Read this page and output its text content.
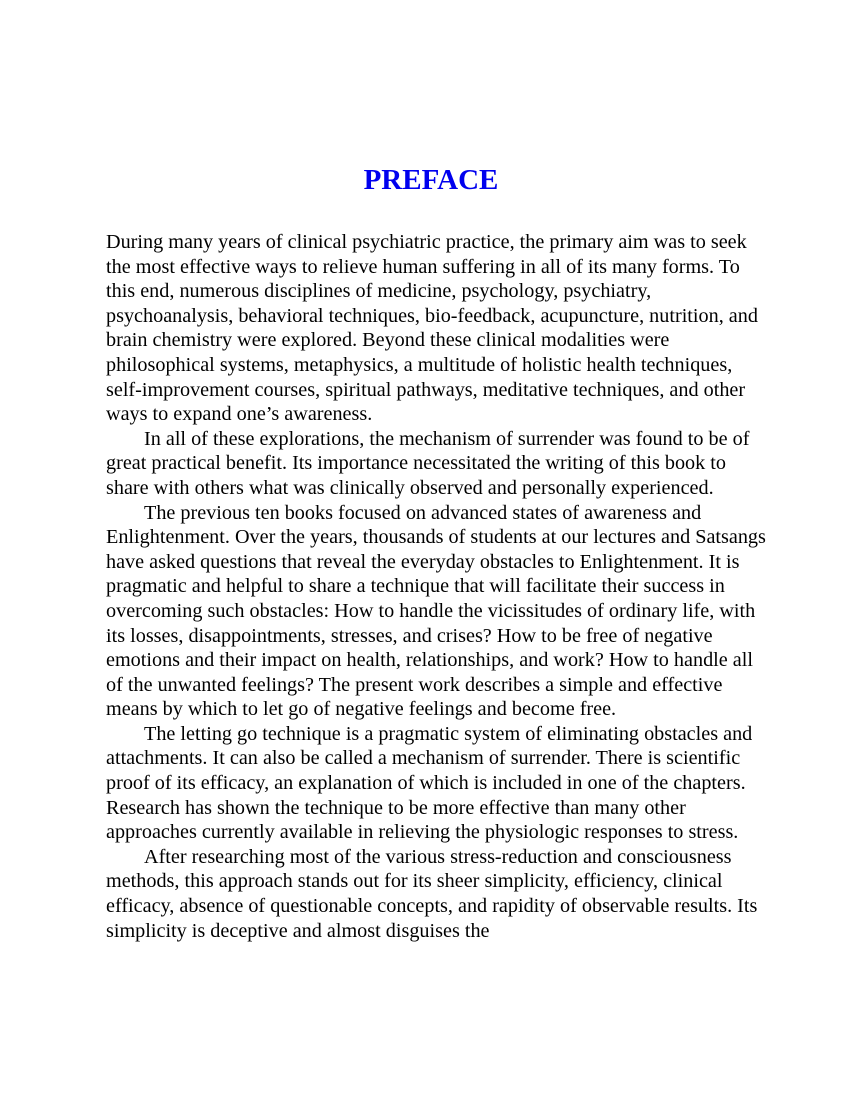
PREFACE

During many years of clinical psychiatric practice, the primary aim was to seek the most effective ways to relieve human suffering in all of its many forms. To this end, numerous disciplines of medicine, psychology, psychiatry, psychoanalysis, behavioral techniques, bio-feedback, acupuncture, nutrition, and brain chemistry were explored. Beyond these clinical modalities were philosophical systems, metaphysics, a multitude of holistic health techniques, self-improvement courses, spiritual pathways, meditative techniques, and other ways to expand one’s awareness.

In all of these explorations, the mechanism of surrender was found to be of great practical benefit. Its importance necessitated the writing of this book to share with others what was clinically observed and personally experienced.

The previous ten books focused on advanced states of awareness and Enlightenment. Over the years, thousands of students at our lectures and Satsangs have asked questions that reveal the everyday obstacles to Enlightenment. It is pragmatic and helpful to share a technique that will facilitate their success in overcoming such obstacles: How to handle the vicissitudes of ordinary life, with its losses, disappointments, stresses, and crises? How to be free of negative emotions and their impact on health, relationships, and work? How to handle all of the unwanted feelings? The present work describes a simple and effective means by which to let go of negative feelings and become free.

The letting go technique is a pragmatic system of eliminating obstacles and attachments. It can also be called a mechanism of surrender. There is scientific proof of its efficacy, an explanation of which is included in one of the chapters. Research has shown the technique to be more effective than many other approaches currently available in relieving the physiologic responses to stress.

After researching most of the various stress-reduction and consciousness methods, this approach stands out for its sheer simplicity, efficiency, clinical efficacy, absence of questionable concepts, and rapidity of observable results. Its simplicity is deceptive and almost disguises the
